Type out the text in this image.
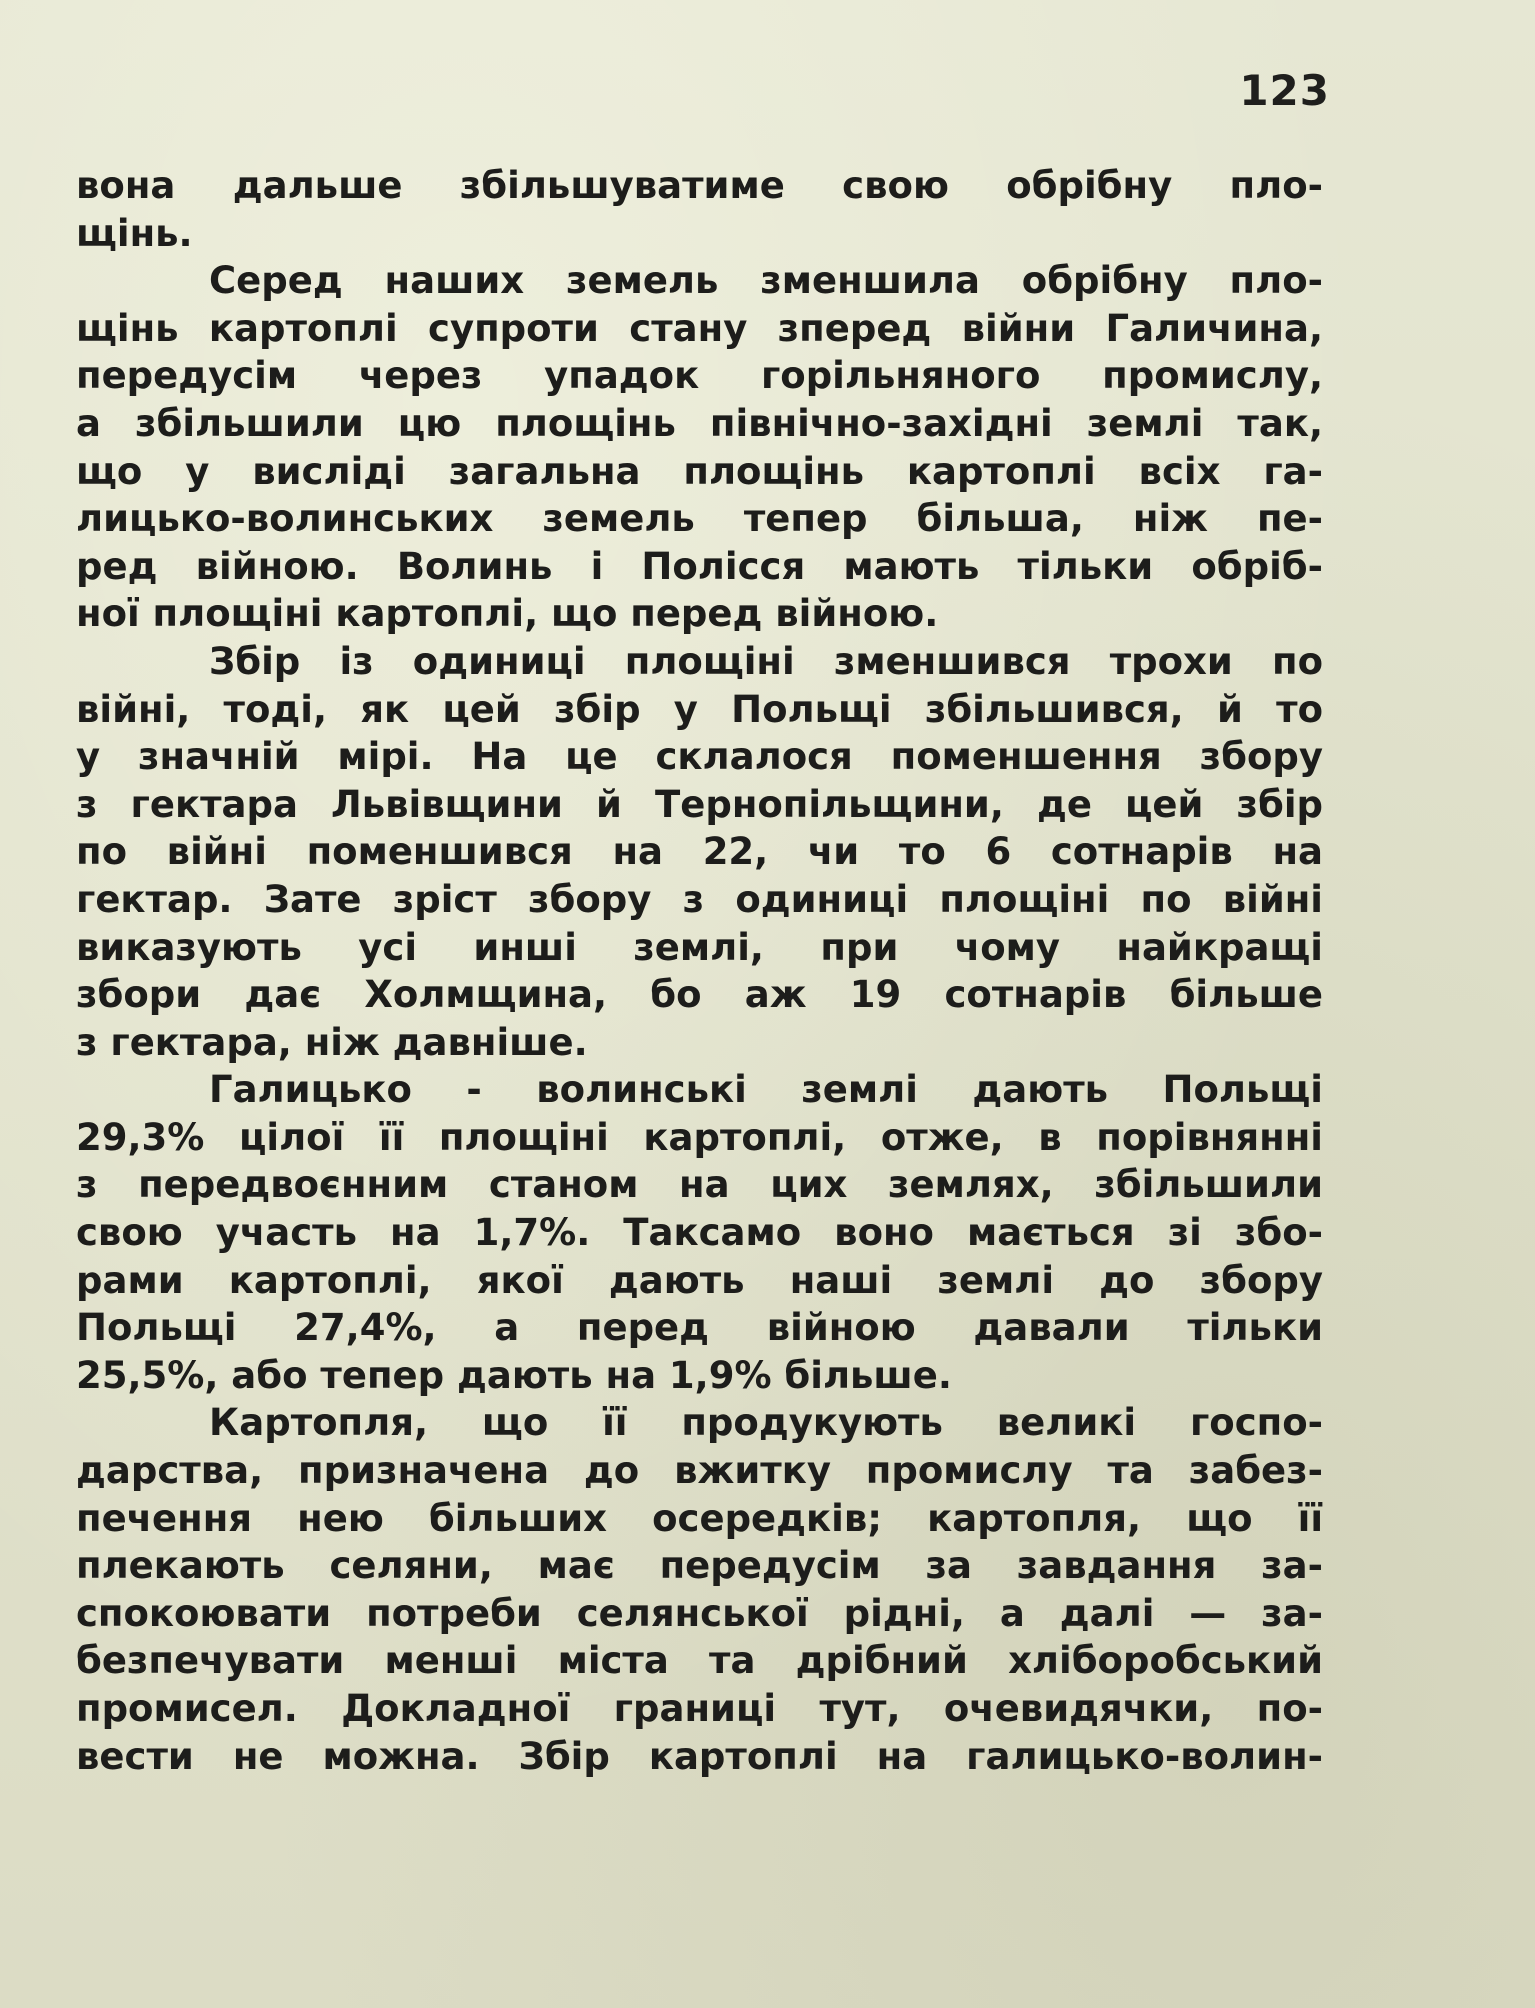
123

вона дальше збільшуватиме свою обрібну пло-
щінь.

Серед наших земель зменшила обрібну пло-
щінь картоплі супроти стану зперед війни Галичина,
передусім через упадок горільняного промислу,
а збільшили цю площінь північно-західні землі так,
що у висліді загальна площінь картоплі всіх га-
лицько-волинських земель тепер більша, ніж пе-
ред війною. Волинь і Полісся мають тільки обріб-
ної площіні картоплі, що перед війною.

Збір із одиниці площіні зменшився трохи по
війні, тоді, як цей збір у Польщі збільшився, й то
у значній мірі. На це склалося поменшення збору
з гектара Львівщини й Тернопільщини, де цей збір
по війні поменшився на 22, чи то 6 сотнарів на
гектар. Зате зріст збору з одиниці площіні по війні
виказують усі инші землі, при чому найкращі
збори дає Холмщина, бо аж 19 сотнарів більше
з гектара, ніж давніше.

Галицько - волинські землі дають Польщі
29,3% цілої її площіні картоплі, отже, в порівнянні
з передвоєнним станом на цих землях, збільшили
свою участь на 1,7%. Таксамо воно мається зі збо-
рами картоплі, якої дають наші землі до збору
Польщі 27,4%, а перед війною давали тільки
25,5%, або тепер дають на 1,9% більше.

Картопля, що її продукують великі госпо-
дарства, призначена до вжитку промислу та забез-
печення нею більших осередків; картопля, що її
плекають селяни, має передусім за завдання за-
спокоювати потреби селянської рідні, а далі — за-
безпечувати менші міста та дрібний хліборобський
промисел. Докладної границі тут, очевидячки, по-
вести не можна. Збір картоплі на галицько-волин-
